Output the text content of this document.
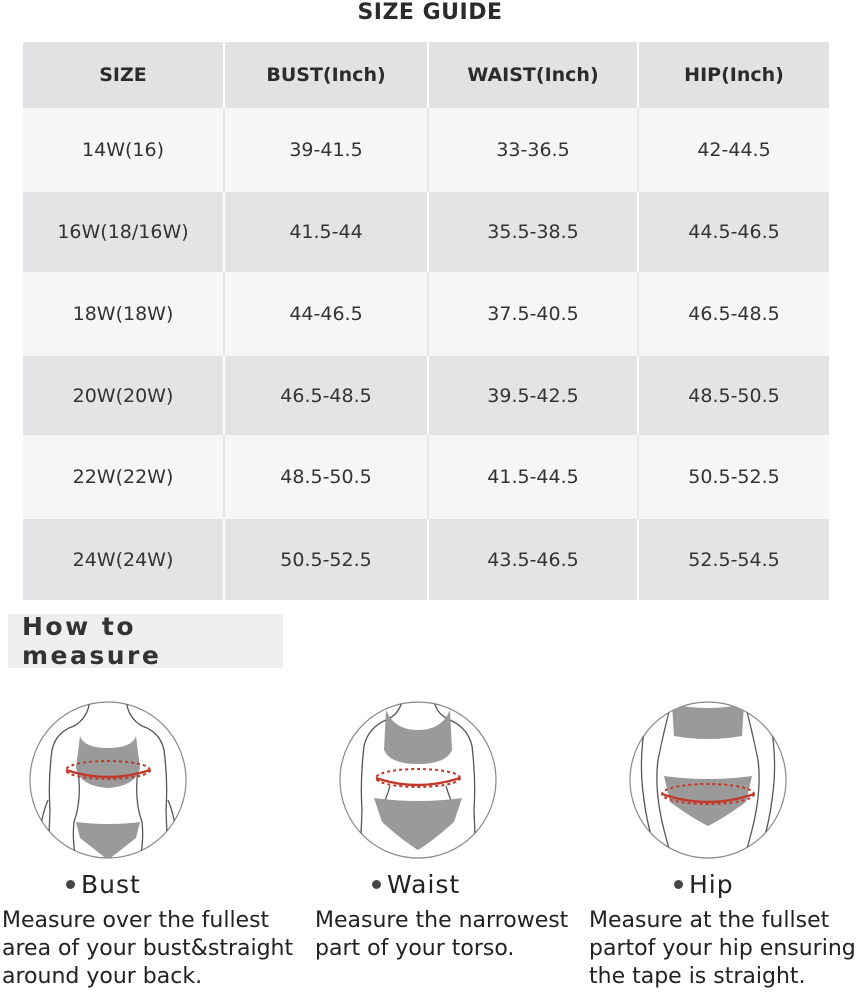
SIZE GUIDE
SIZE	BUST(Inch)	WAIST(Inch)	HIP(Inch)
14W(16)	39-41.5	33-36.5	42-44.5
16W(18/16W)	41.5-44	35.5-38.5	44.5-46.5
18W(18W)	44-46.5	37.5-40.5	46.5-48.5
20W(20W)	46.5-48.5	39.5-42.5	48.5-50.5
22W(22W)	48.5-50.5	41.5-44.5	50.5-52.5
24W(24W)	50.5-52.5	43.5-46.5	52.5-54.5
How to measure
Bust	Waist	Hip
Measure over the fullest
area of your bust&straight
around your back.
Measure the narrowest
part of your torso.
Measure at the fullset
partof your hip ensuring
the tape is straight.
